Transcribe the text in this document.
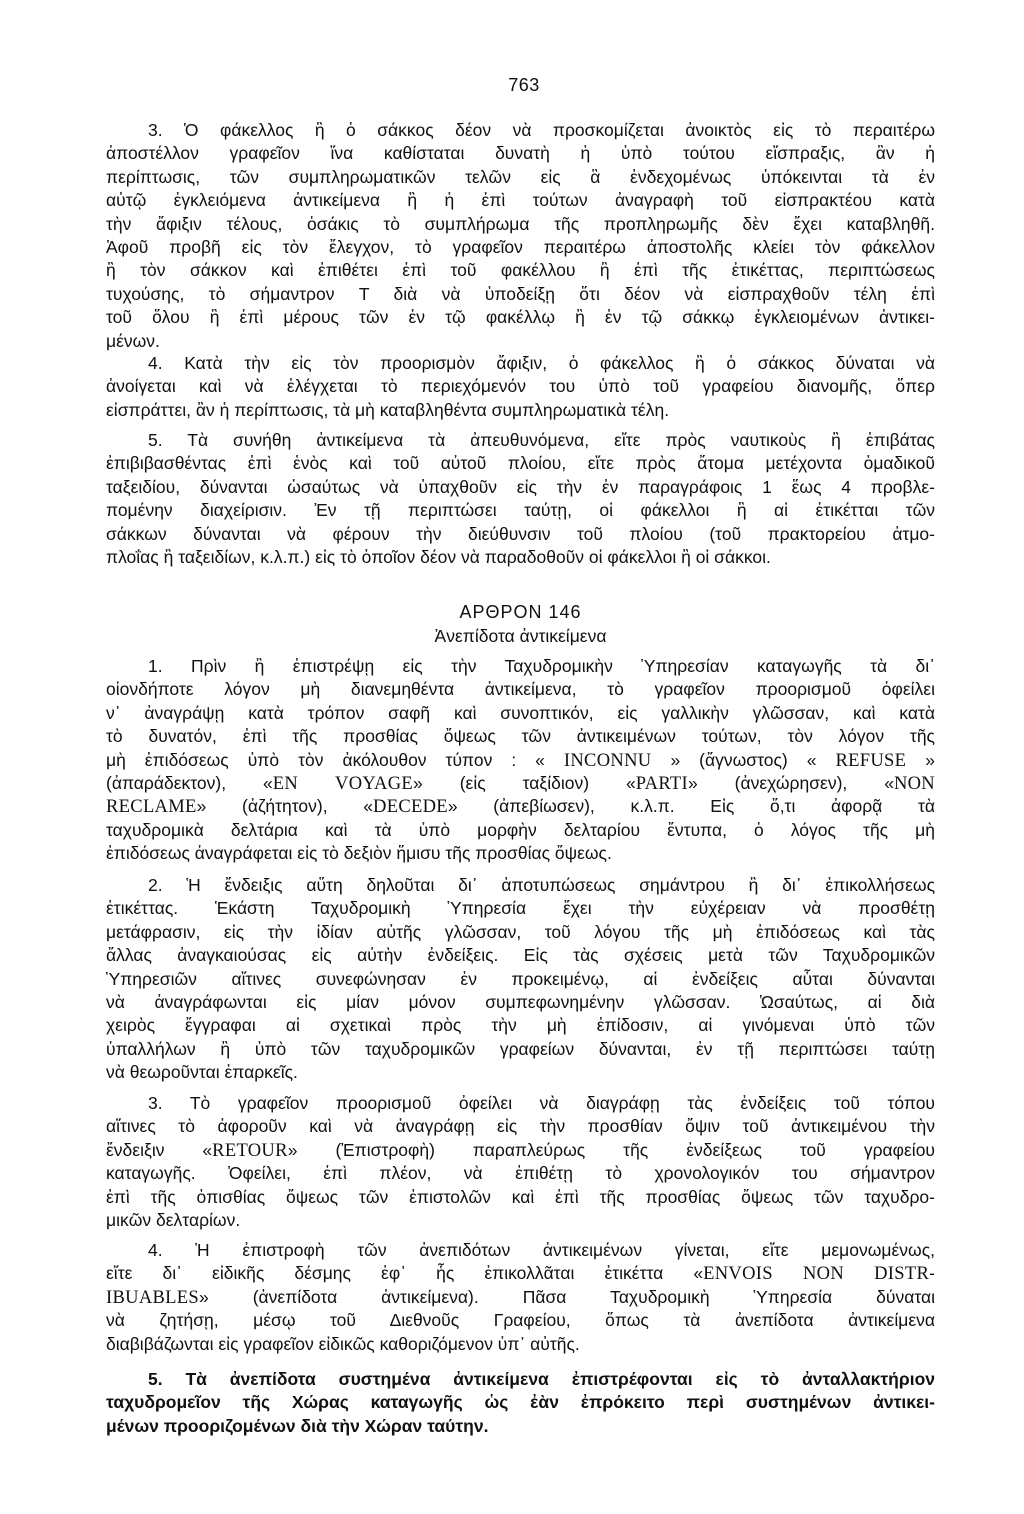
763
3. Ὁ φάκελλος ἢ ὁ σάκκος δέον νὰ προσκομίζεται ἀνοικτὸς εἰς τὸ περαιτέρω
ἀποστέλλον γραφεῖον ἵνα καθίσταται δυνατὴ ἡ ὑπὸ τούτου εἴσπραξις, ἂν ἡ
περίπτωσις, τῶν συμπληρωματικῶν τελῶν εἰς ἃ ἐνδεχομένως ὑπόκεινται τὰ ἐν
αὐτῷ ἐγκλειόμενα ἀντικείμενα ἢ ἡ ἐπὶ τούτων ἀναγραφὴ τοῦ εἰσπρακτέου κατὰ
τὴν ἄφιξιν τέλους, ὁσάκις τὸ συμπλήρωμα τῆς προπληρωμῆς δὲν ἔχει καταβληθῆ.
Ἀφοῦ προβῆ εἰς τὸν ἔλεγχον, τὸ γραφεῖον περαιτέρω ἀποστολῆς κλείει τὸν φάκελλον
ἢ τὸν σάκκον καὶ ἐπιθέτει ἐπὶ τοῦ φακέλλου ἢ ἐπὶ τῆς ἐτικέττας, περιπτώσεως
τυχούσης, τὸ σήμαντρον T διὰ νὰ ὑποδείξῃ ὅτι δέον νὰ εἰσπραχθοῦν τέλη ἐπὶ
τοῦ ὅλου ἢ ἐπὶ μέρους τῶν ἐν τῷ φακέλλῳ ἢ ἐν τῷ σάκκῳ ἐγκλειομένων ἀντικει-
μένων.
4. Κατὰ τὴν εἰς τὸν προορισμὸν ἄφιξιν, ὁ φάκελλος ἢ ὁ σάκκος δύναται νὰ
ἀνοίγεται καὶ νὰ ἐλέγχεται τὸ περιεχόμενόν του ὑπὸ τοῦ γραφείου διανομῆς, ὅπερ
εἰσπράττει, ἂν ἡ περίπτωσις, τὰ μὴ καταβληθέντα συμπληρωματικὰ τέλη.
5. Τὰ συνήθη ἀντικείμενα τὰ ἀπευθυνόμενα, εἴτε πρὸς ναυτικοὺς ἢ ἐπιβάτας
ἐπιβιβασθέντας ἐπὶ ἑνὸς καὶ τοῦ αὐτοῦ πλοίου, εἴτε πρὸς ἄτομα μετέχοντα ὁμαδικοῦ
ταξειδίου, δύνανται ὡσαύτως νὰ ὑπαχθοῦν εἰς τὴν ἐν παραγράφοις 1 ἕως 4 προβλε-
πομένην διαχείρισιν. Ἐν τῇ περιπτώσει ταύτῃ, οἱ φάκελλοι ἢ αἱ ἐτικέτται τῶν
σάκκων δύνανται νὰ φέρουν τὴν διεύθυνσιν τοῦ πλοίου (τοῦ πρακτορείου ἀτμο-
πλοΐας ἢ ταξειδίων, κ.λ.π.) εἰς τὸ ὁποῖον δέον νὰ παραδοθοῦν οἱ φάκελλοι ἢ οἱ σάκκοι.
ΑΡΘΡΟΝ 146
Ἀνεπίδοτα ἀντικείμενα
1. Πρὶν ἢ ἐπιστρέψῃ εἰς τὴν Ταχυδρομικὴν Ὑπηρεσίαν καταγωγῆς τὰ δι᾽
οἱονδήποτε λόγον μὴ διανεμηθέντα ἀντικείμενα, τὸ γραφεῖον προορισμοῦ ὀφείλει
ν᾽ ἀναγράψῃ κατὰ τρόπον σαφῆ καὶ συνοπτικόν, εἰς γαλλικὴν γλῶσσαν, καὶ κατὰ
τὸ δυνατόν, ἐπὶ τῆς προσθίας ὄψεως τῶν ἀντικειμένων τούτων, τὸν λόγον τῆς
μὴ ἐπιδόσεως ὑπὸ τὸν ἀκόλουθον τύπον : « INCONNU » (ἄγνωστος) « REFUSE »
(ἀπαράδεκτον), «EN VOYAGE» (εἰς ταξίδιον) «PARTI» (ἀνεχώρησεν), «NON
RECLAME» (ἀζήτητον), «DECEDE» (ἀπεβίωσεν), κ.λ.π. Εἰς ὅ,τι ἀφορᾷ τὰ
ταχυδρομικὰ δελτάρια καὶ τὰ ὑπὸ μορφὴν δελταρίου ἔντυπα, ὁ λόγος τῆς μὴ
ἐπιδόσεως ἀναγράφεται εἰς τὸ δεξιὸν ἥμισυ τῆς προσθίας ὄψεως.
2. Ἡ ἔνδειξις αὕτη δηλοῦται δι᾽ ἀποτυπώσεως σημάντρου ἢ δι᾽ ἐπικολλήσεως
ἐτικέττας. Ἑκάστη Ταχυδρομικὴ Ὑπηρεσία ἔχει τὴν εὐχέρειαν νὰ προσθέτῃ
μετάφρασιν, εἰς τὴν ἰδίαν αὐτῆς γλῶσσαν, τοῦ λόγου τῆς μὴ ἐπιδόσεως καὶ τὰς
ἄλλας ἀναγκαιούσας εἰς αὐτὴν ἐνδείξεις. Εἰς τὰς σχέσεις μετὰ τῶν Ταχυδρομικῶν
Ὑπηρεσιῶν αἵτινες συνεφώνησαν ἐν προκειμένῳ, αἱ ἐνδείξεις αὗται δύνανται
νὰ ἀναγράφωνται εἰς μίαν μόνον συμπεφωνημένην γλῶσσαν. Ὡσαύτως, αἱ διὰ
χειρὸς ἔγγραφαι αἱ σχετικαὶ πρὸς τὴν μὴ ἐπίδοσιν, αἱ γινόμεναι ὑπὸ τῶν
ὑπαλλήλων ἢ ὑπὸ τῶν ταχυδρομικῶν γραφείων δύνανται, ἐν τῇ περιπτώσει ταύτῃ
νὰ θεωροῦνται ἐπαρκεῖς.
3. Τὸ γραφεῖον προορισμοῦ ὀφείλει νὰ διαγράφῃ τὰς ἐνδείξεις τοῦ τόπου
αἵτινες τὸ ἀφοροῦν καὶ νὰ ἀναγράφῃ εἰς τὴν προσθίαν ὄψιν τοῦ ἀντικειμένου τὴν
ἔνδειξιν «RETOUR» (Ἐπιστροφὴ) παραπλεύρως τῆς ἐνδείξεως τοῦ γραφείου
καταγωγῆς. Ὀφείλει, ἐπὶ πλέον, νὰ ἐπιθέτῃ τὸ χρονολογικόν του σήμαντρον
ἐπὶ τῆς ὀπισθίας ὄψεως τῶν ἐπιστολῶν καὶ ἐπὶ τῆς προσθίας ὄψεως τῶν ταχυδρο-
μικῶν δελταρίων.
4. Ἡ ἐπιστροφὴ τῶν ἀνεπιδότων ἀντικειμένων γίνεται, εἴτε μεμονωμένως,
εἴτε δι᾽ εἰδικῆς δέσμης ἐφ᾽ ἧς ἐπικολλᾶται ἐτικέττα «ENVOIS NON DISTR-
IBUABLES» (ἀνεπίδοτα ἀντικείμενα). Πᾶσα Ταχυδρομικὴ Ὑπηρεσία δύναται
νὰ ζητήσῃ, μέσῳ τοῦ Διεθνοῦς Γραφείου, ὅπως τὰ ἀνεπίδοτα ἀντικείμενα
διαβιβάζωνται εἰς γραφεῖον εἰδικῶς καθοριζόμενον ὑπ᾽ αὐτῆς.
5. Τὰ ἀνεπίδοτα συστημένα ἀντικείμενα ἐπιστρέφονται εἰς τὸ ἀνταλλακτήριον
ταχυδρομεῖον τῆς Χώρας καταγωγῆς ὡς ἐὰν ἐπρόκειτο περὶ συστημένων ἀντικει-
μένων προοριζομένων διὰ τὴν Χώραν ταύτην.
